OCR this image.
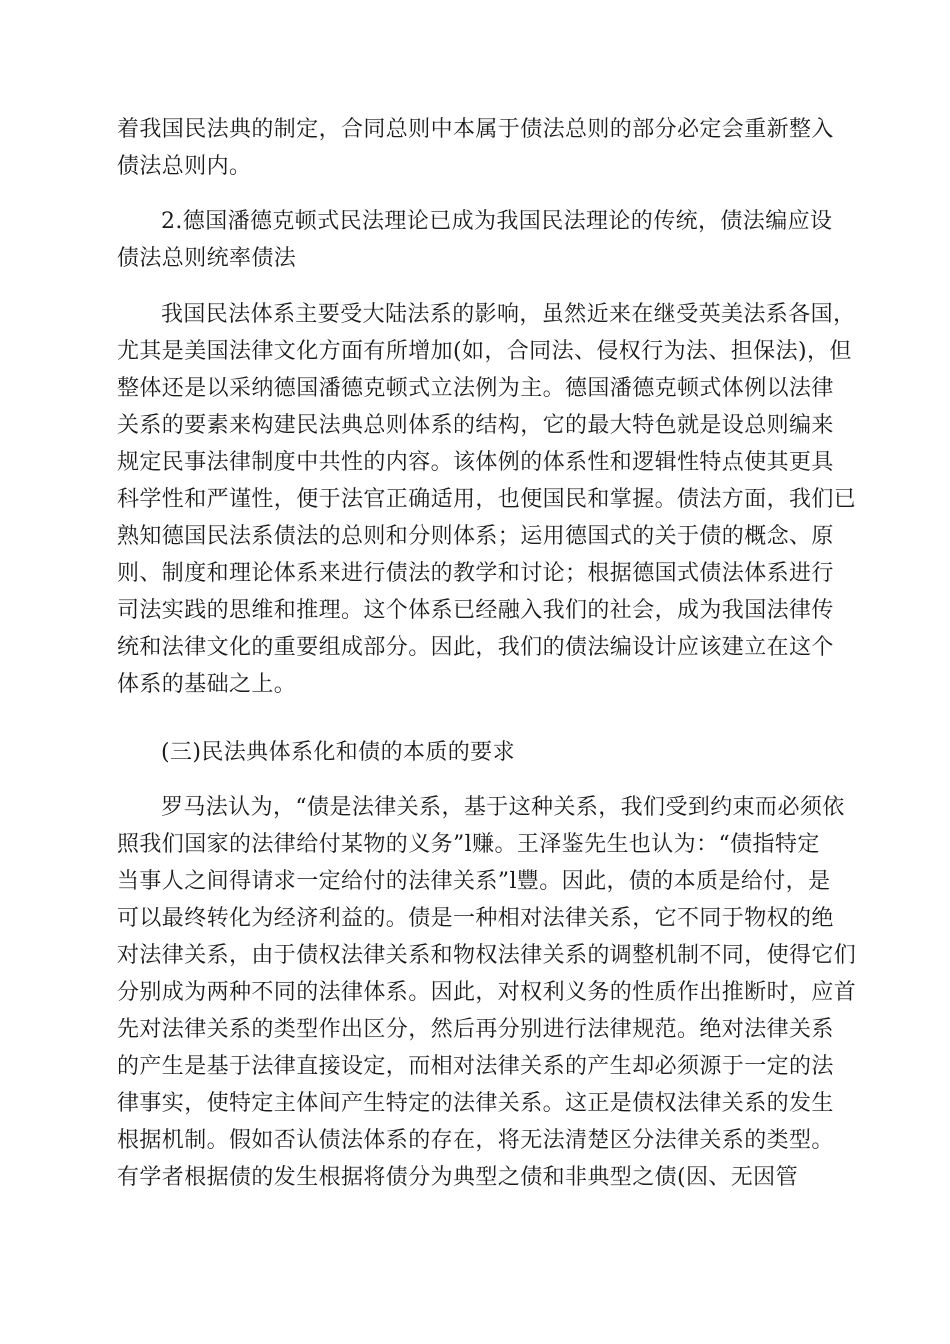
着我国民法典的制定，合同总则中本属于债法总则的部分必定会重新整入
债法总则内。
2.德国潘德克顿式民法理论已成为我国民法理论的传统，债法编应设
债法总则统率债法
我国民法体系主要受大陆法系的影响，虽然近来在继受英美法系各国，
尤其是美国法律文化方面有所增加(如，合同法、侵权行为法、担保法)，但
整体还是以采纳德国潘德克顿式立法例为主。德国潘德克顿式体例以法律
关系的要素来构建民法典总则体系的结构，它的最大特色就是设总则编来
规定民事法律制度中共性的内容。该体例的体系性和逻辑性特点使其更具
科学性和严谨性，便于法官正确适用，也便国民和掌握。债法方面，我们已
熟知德国民法系债法的总则和分则体系；运用德国式的关于债的概念、原
则、制度和理论体系来进行债法的教学和讨论；根据德国式债法体系进行
司法实践的思维和推理。这个体系已经融入我们的社会，成为我国法律传
统和法律文化的重要组成部分。因此，我们的债法编设计应该建立在这个
体系的基础之上。
(三)民法典体系化和债的本质的要求
罗马法认为，“债是法律关系，基于这种关系，我们受到约束而必须依
照我们国家的法律给付某物的义务”l赚。王泽鉴先生也认为：“债指特定
当事人之间得请求一定给付的法律关系”l豐。因此，债的本质是给付，是
可以最终转化为经济利益的。债是一种相对法律关系，它不同于物权的绝
对法律关系，由于债权法律关系和物权法律关系的调整机制不同，使得它们
分别成为两种不同的法律体系。因此，对权利义务的性质作出推断时，应首
先对法律关系的类型作出区分，然后再分别进行法律规范。绝对法律关系
的产生是基于法律直接设定，而相对法律关系的产生却必须源于一定的法
律事实，使特定主体间产生特定的法律关系。这正是债权法律关系的发生
根据机制。假如否认债法体系的存在，将无法清楚区分法律关系的类型。
有学者根据债的发生根据将债分为典型之债和非典型之债(因、无因管
